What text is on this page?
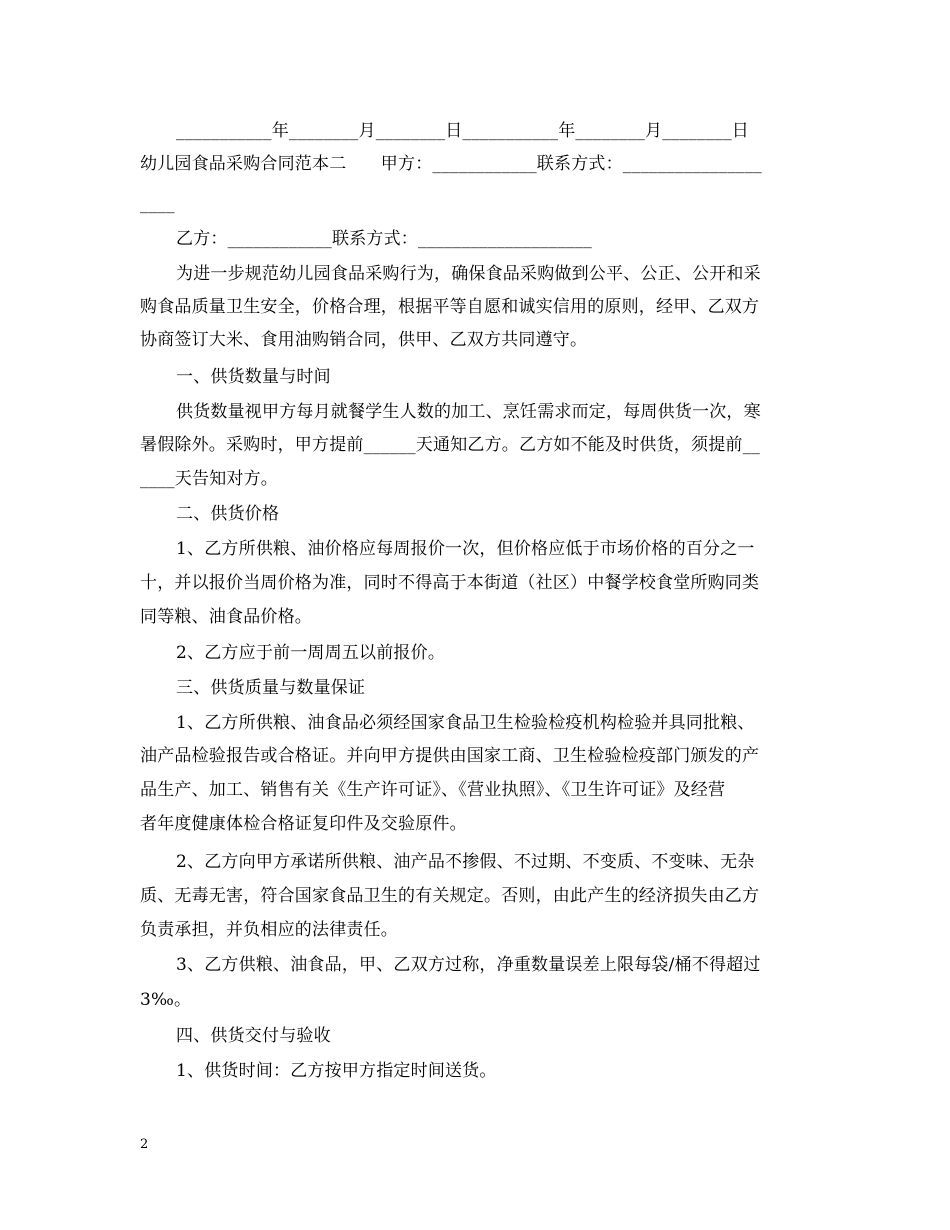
___________年________月________日___________年________月________日
幼儿园食品采购合同范本二　　甲方：____________联系方式：________________
____
乙方：____________联系方式：____________________
为进一步规范幼儿园食品采购行为，确保食品采购做到公平、公正、公开和采
购食品质量卫生安全，价格合理，根据平等自愿和诚实信用的原则，经甲、乙双方
协商签订大米、食用油购销合同，供甲、乙双方共同遵守。
一、供货数量与时间
供货数量视甲方每月就餐学生人数的加工、烹饪需求而定，每周供货一次，寒
暑假除外。采购时，甲方提前______天通知乙方。乙方如不能及时供货，须提前__
____天告知对方。
二、供货价格
1、乙方所供粮、油价格应每周报价一次，但价格应低于市场价格的百分之一
十，并以报价当周价格为准，同时不得高于本街道（社区）中餐学校食堂所购同类
同等粮、油食品价格。
2、乙方应于前一周周五以前报价。
三、供货质量与数量保证
1、乙方所供粮、油食品必须经国家食品卫生检验检疫机构检验并具同批粮、
油产品检验报告或合格证。并向甲方提供由国家工商、卫生检验检疫部门颁发的产
品生产、加工、销售有关《生产许可证》、《营业执照》、《卫生许可证》及经营
者年度健康体检合格证复印件及交验原件。
2、乙方向甲方承诺所供粮、油产品不掺假、不过期、不变质、不变味、无杂
质、无毒无害，符合国家食品卫生的有关规定。否则，由此产生的经济损失由乙方
负责承担，并负相应的法律责任。
3、乙方供粮、油食品，甲、乙双方过称，净重数量误差上限每袋/桶不得超过
3‰。
四、供货交付与验收
1、供货时间：乙方按甲方指定时间送货。
2
